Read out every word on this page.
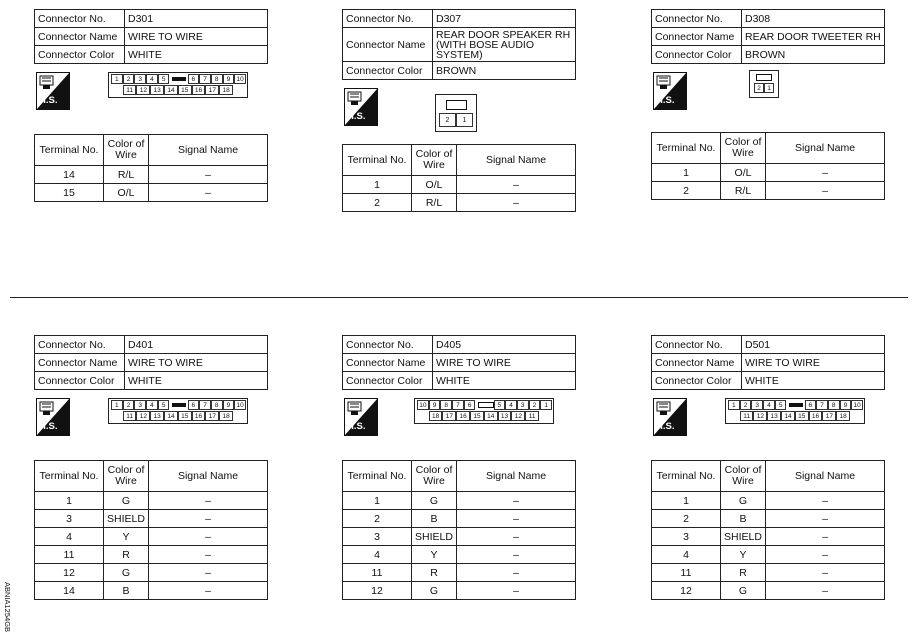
ABNIA1254GB
Connector No.	D301
Connector Name	WIRE TO WIRE
Connector Color	WHITE
H.S.
1	2	3	4	5	6	7	8	9 10
11	12	13	14	15	16	17	18
Terminal No.	Color of Wire	Signal Name
14	R/L	–
15	O/L	–
Connector No.	D307
Connector Name	REAR DOOR SPEAKER RH (WITH BOSE AUDIO SYSTEM)
Connector Color	BROWN
H.S.	2	1
Terminal No.	Color of Wire	Signal Name
1	O/L	–
2	R/L	–
Connector No.	D308
Connector Name	REAR DOOR TWEETER RH
Connector Color	BROWN
H.S.
2 1
Terminal No.	Color of Wire	Signal Name
1	O/L	–
2	R/L	–
Connector No.	D401
Connector Name	WIRE TO WIRE
Connector Color	WHITE
H.S.
1	2	3	4	5	6	7	8	9 10
11	12	13	14	15	16	17	18
Terminal No.	Color of Wire	Signal Name
1	G	–
3	SHIELD	–
4	Y	–
11	R	–
12	G	–
14	B	–
Connector No.	D405
Connector Name	WIRE TO WIRE
Connector Color	WHITE
H.S.
10 9	8	7	6	5	4	3	2	1
18	17	16	15	14	13	12	11
Terminal No.	Color of Wire	Signal Name
1	G	–
2	B	–
3	SHIELD	–
4	Y	–
11	R	–
12	G	–
Connector No.	D501
Connector Name	WIRE TO WIRE
Connector Color	WHITE
H.S.
1	2	3	4	5	6	7	8	9 10
11	12	13	14	15	16	17	18
Terminal No.	Color of Wire	Signal Name
1	G	–
2	B	–
3	SHIELD	–
4	Y	–
11	R	–
12	G	–
